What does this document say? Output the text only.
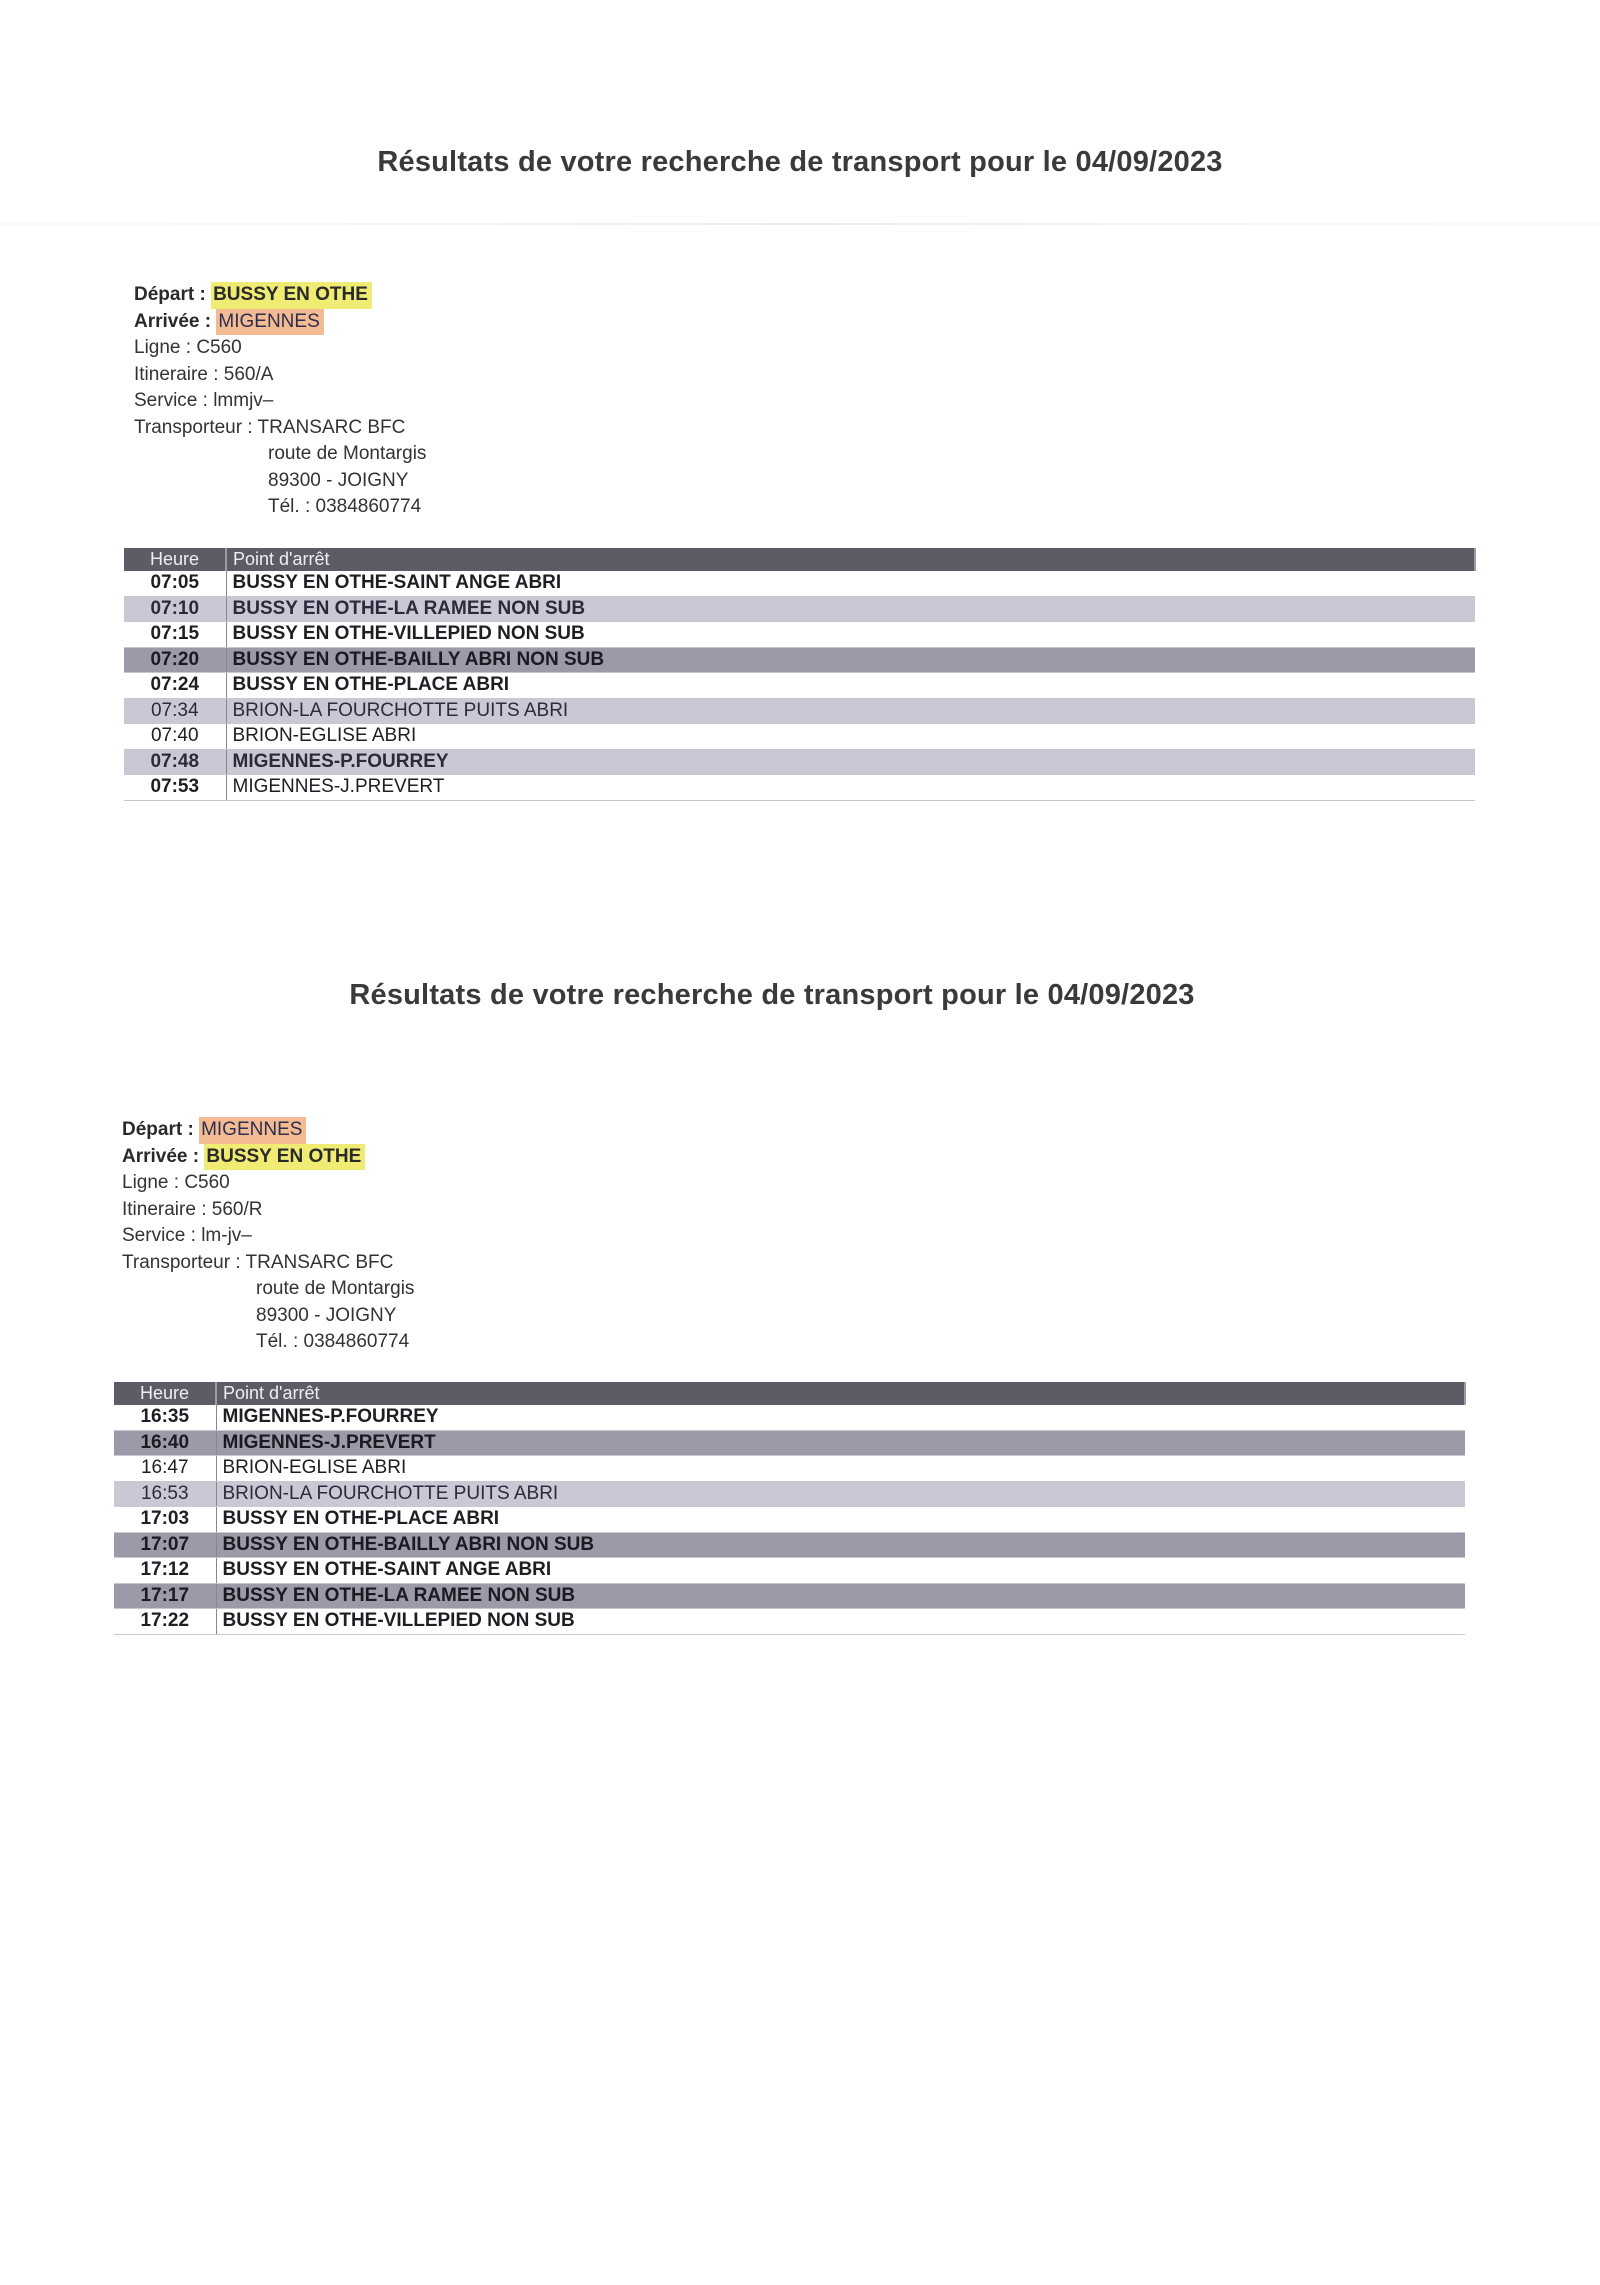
Résultats de votre recherche de transport pour le 04/09/2023
Départ : BUSSY EN OTHE
Arrivée : MIGENNES
Ligne : C560
Itineraire : 560/A
Service : lmmjv–
Transporteur : TRANSARC BFC
route de Montargis
89300 - JOIGNY
Tél. : 0384860774
Heure	Point d'arrêt
07:05	BUSSY EN OTHE-SAINT ANGE ABRI
07:10	BUSSY EN OTHE-LA RAMEE NON SUB
07:15	BUSSY EN OTHE-VILLEPIED NON SUB
07:20	BUSSY EN OTHE-BAILLY ABRI NON SUB
07:24	BUSSY EN OTHE-PLACE ABRI
07:34	BRION-LA FOURCHOTTE PUITS ABRI
07:40	BRION-EGLISE ABRI
07:48	MIGENNES-P.FOURREY
07:53	MIGENNES-J.PREVERT
Résultats de votre recherche de transport pour le 04/09/2023
Départ : MIGENNES
Arrivée : BUSSY EN OTHE
Ligne : C560
Itineraire : 560/R
Service : lm-jv–
Transporteur : TRANSARC BFC
route de Montargis
89300 - JOIGNY
Tél. : 0384860774
Heure	Point d'arrêt
16:35	MIGENNES-P.FOURREY
16:40	MIGENNES-J.PREVERT
16:47	BRION-EGLISE ABRI
16:53	BRION-LA FOURCHOTTE PUITS ABRI
17:03	BUSSY EN OTHE-PLACE ABRI
17:07	BUSSY EN OTHE-BAILLY ABRI NON SUB
17:12	BUSSY EN OTHE-SAINT ANGE ABRI
17:17	BUSSY EN OTHE-LA RAMEE NON SUB
17:22	BUSSY EN OTHE-VILLEPIED NON SUB
